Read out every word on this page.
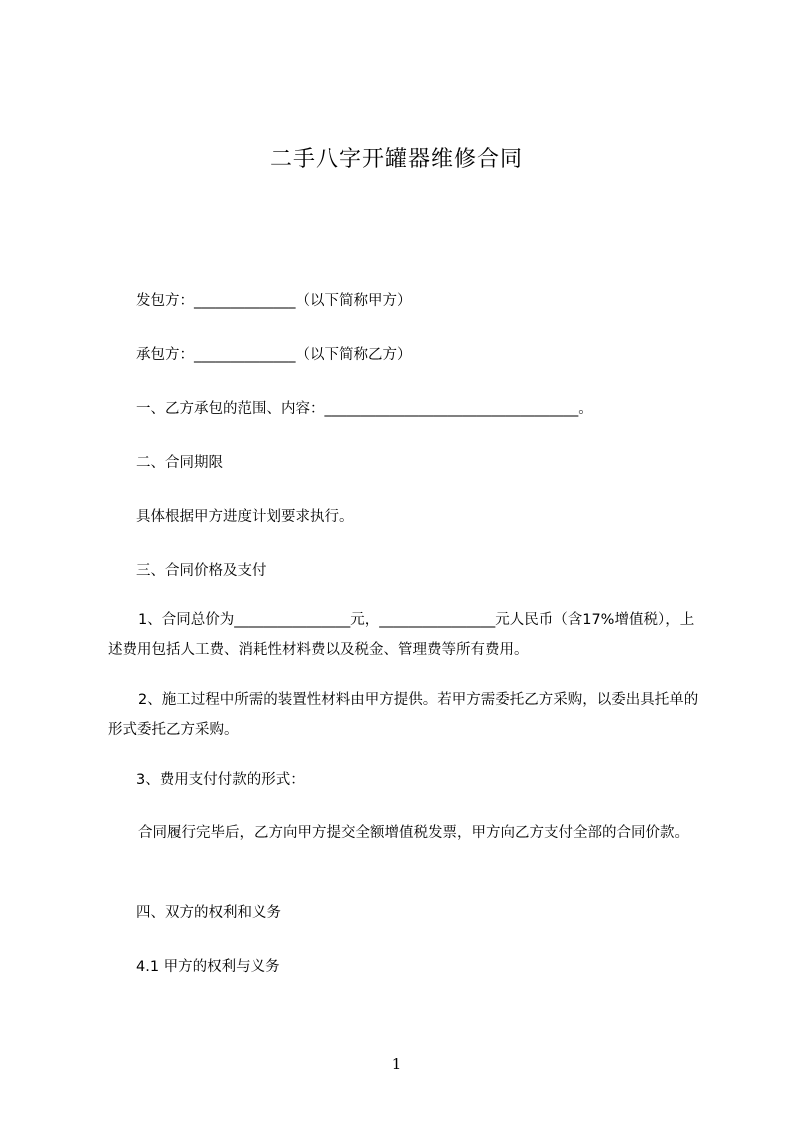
二手八字开罐器维修合同
发包方：______________（以下简称甲方）
承包方：______________（以下简称乙方）
一、乙方承包的范围、内容：___________________________________。
二、合同期限
具体根据甲方进度计划要求执行。
三、合同价格及支付
1、合同总价为________________元，________________元人民币（含17%增值税），上述费用包括人工费、消耗性材料费以及税金、管理费等所有费用。
2、施工过程中所需的装置性材料由甲方提供。若甲方需委托乙方采购，以委出具托单的形式委托乙方采购。
3、费用支付付款的形式：
合同履行完毕后，乙方向甲方提交全额增值税发票，甲方向乙方支付全部的合同价款。
四、双方的权利和义务
4.1 甲方的权利与义务
1
